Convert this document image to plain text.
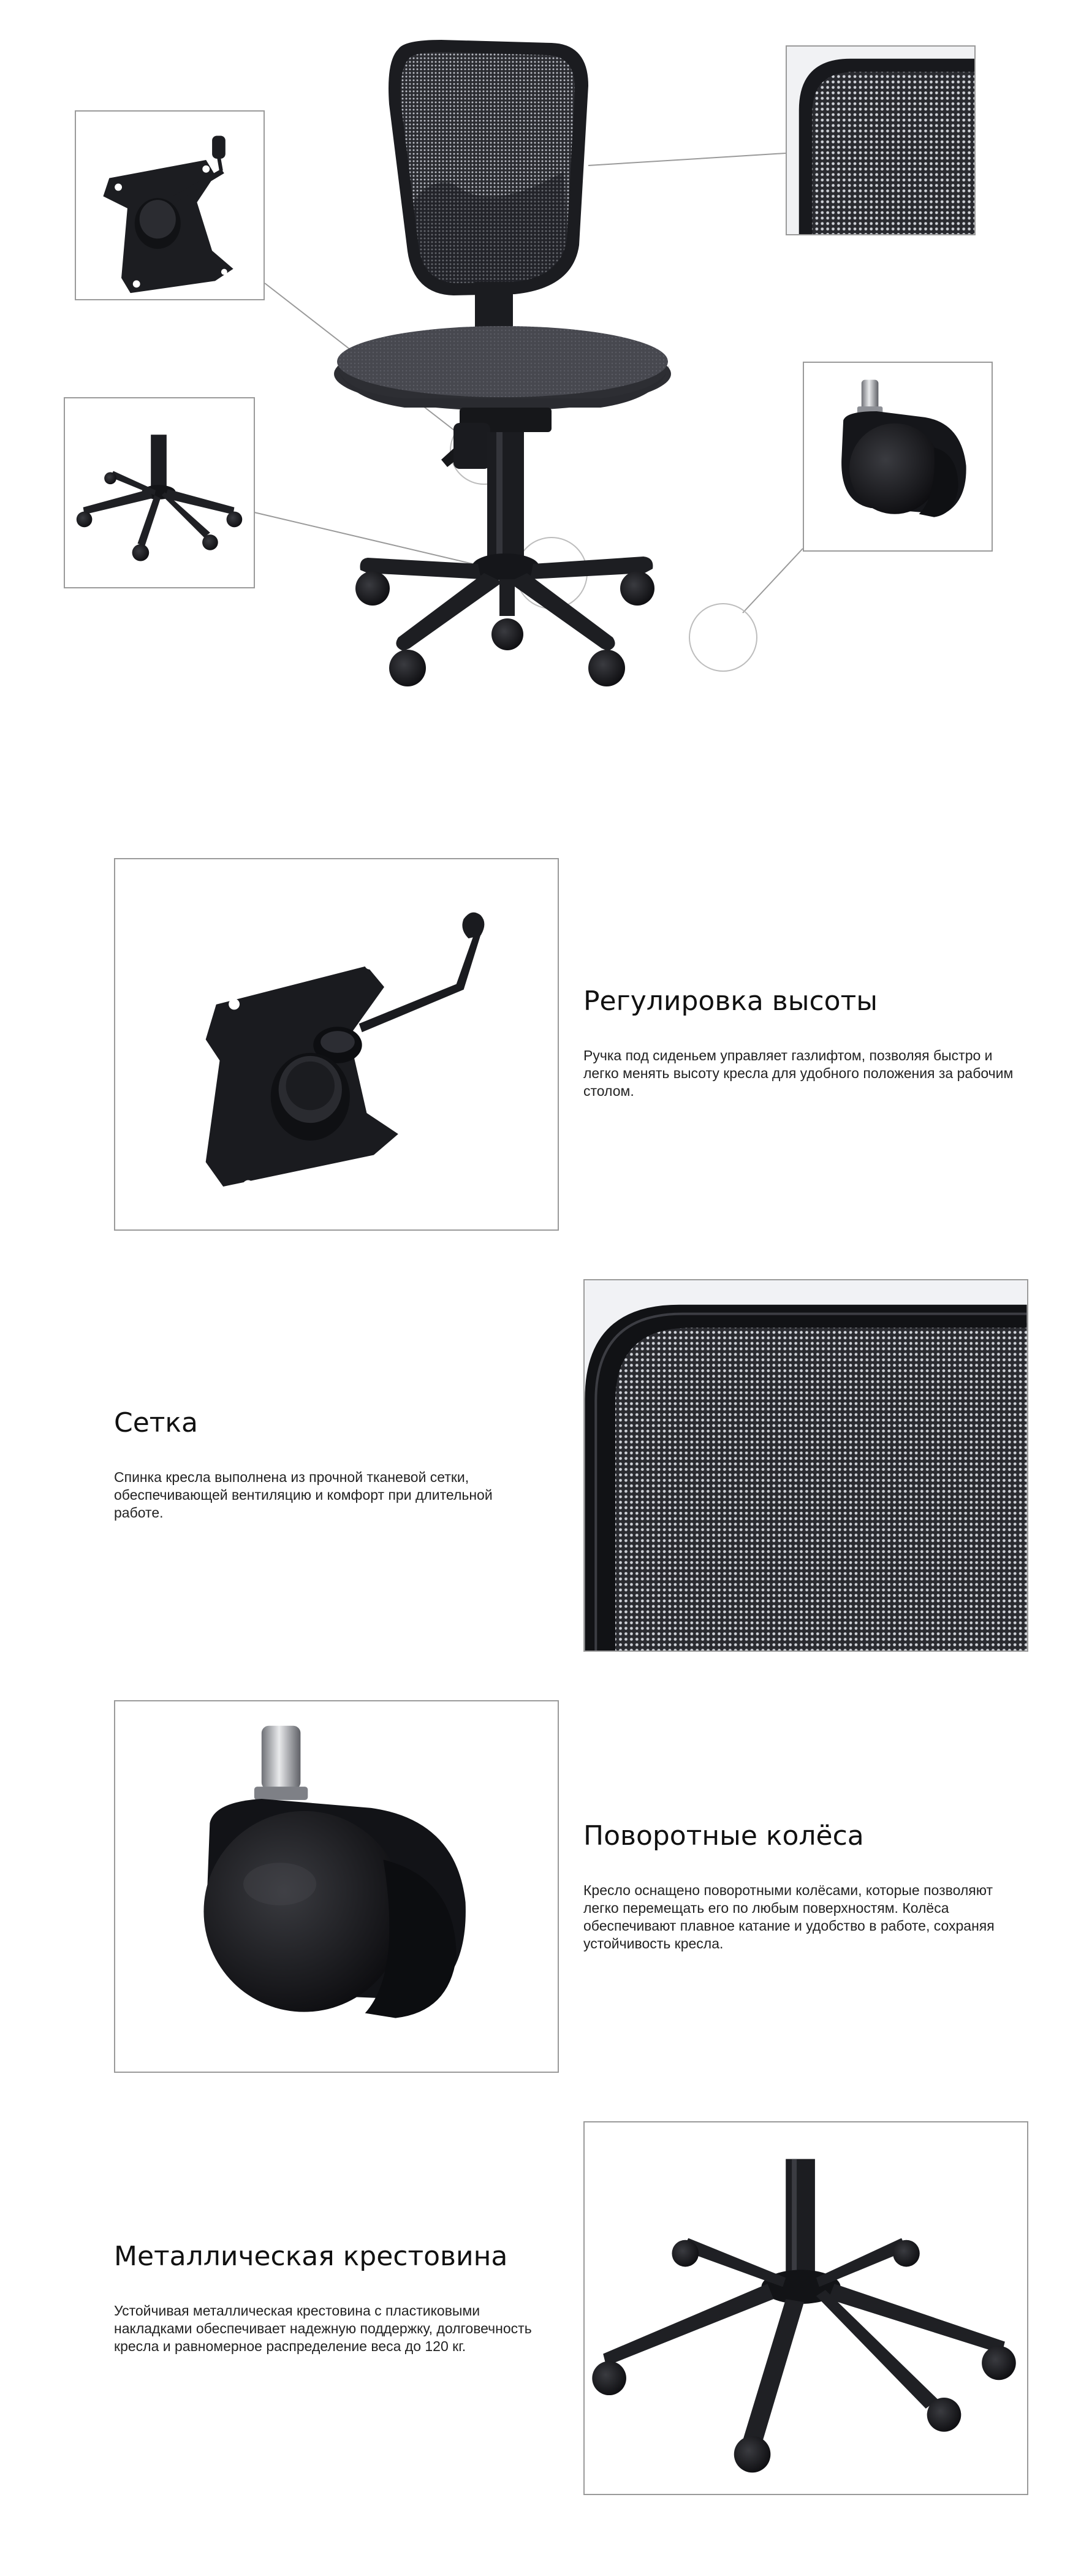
Регулировка высоты

Ручка под сиденьем управляет газлифтом, позволяя быстро и легко менять высоту кресла для удобного положения за рабочим столом.

Сетка

Спинка кресла выполнена из прочной тканевой сетки, обеспечивающей вентиляцию и комфорт при длительной работе.

Поворотные колёса

Кресло оснащено поворотными колёсами, которые позволяют легко перемещать его по любым поверхностям. Колёса обеспечивают плавное катание и удобство в работе, сохраняя устойчивость кресла.

Металлическая крестовина

Устойчивая металлическая крестовина с пластиковыми накладками обеспечивает надежную поддержку, долговечность кресла и равномерное распределение веса до 120 кг.
